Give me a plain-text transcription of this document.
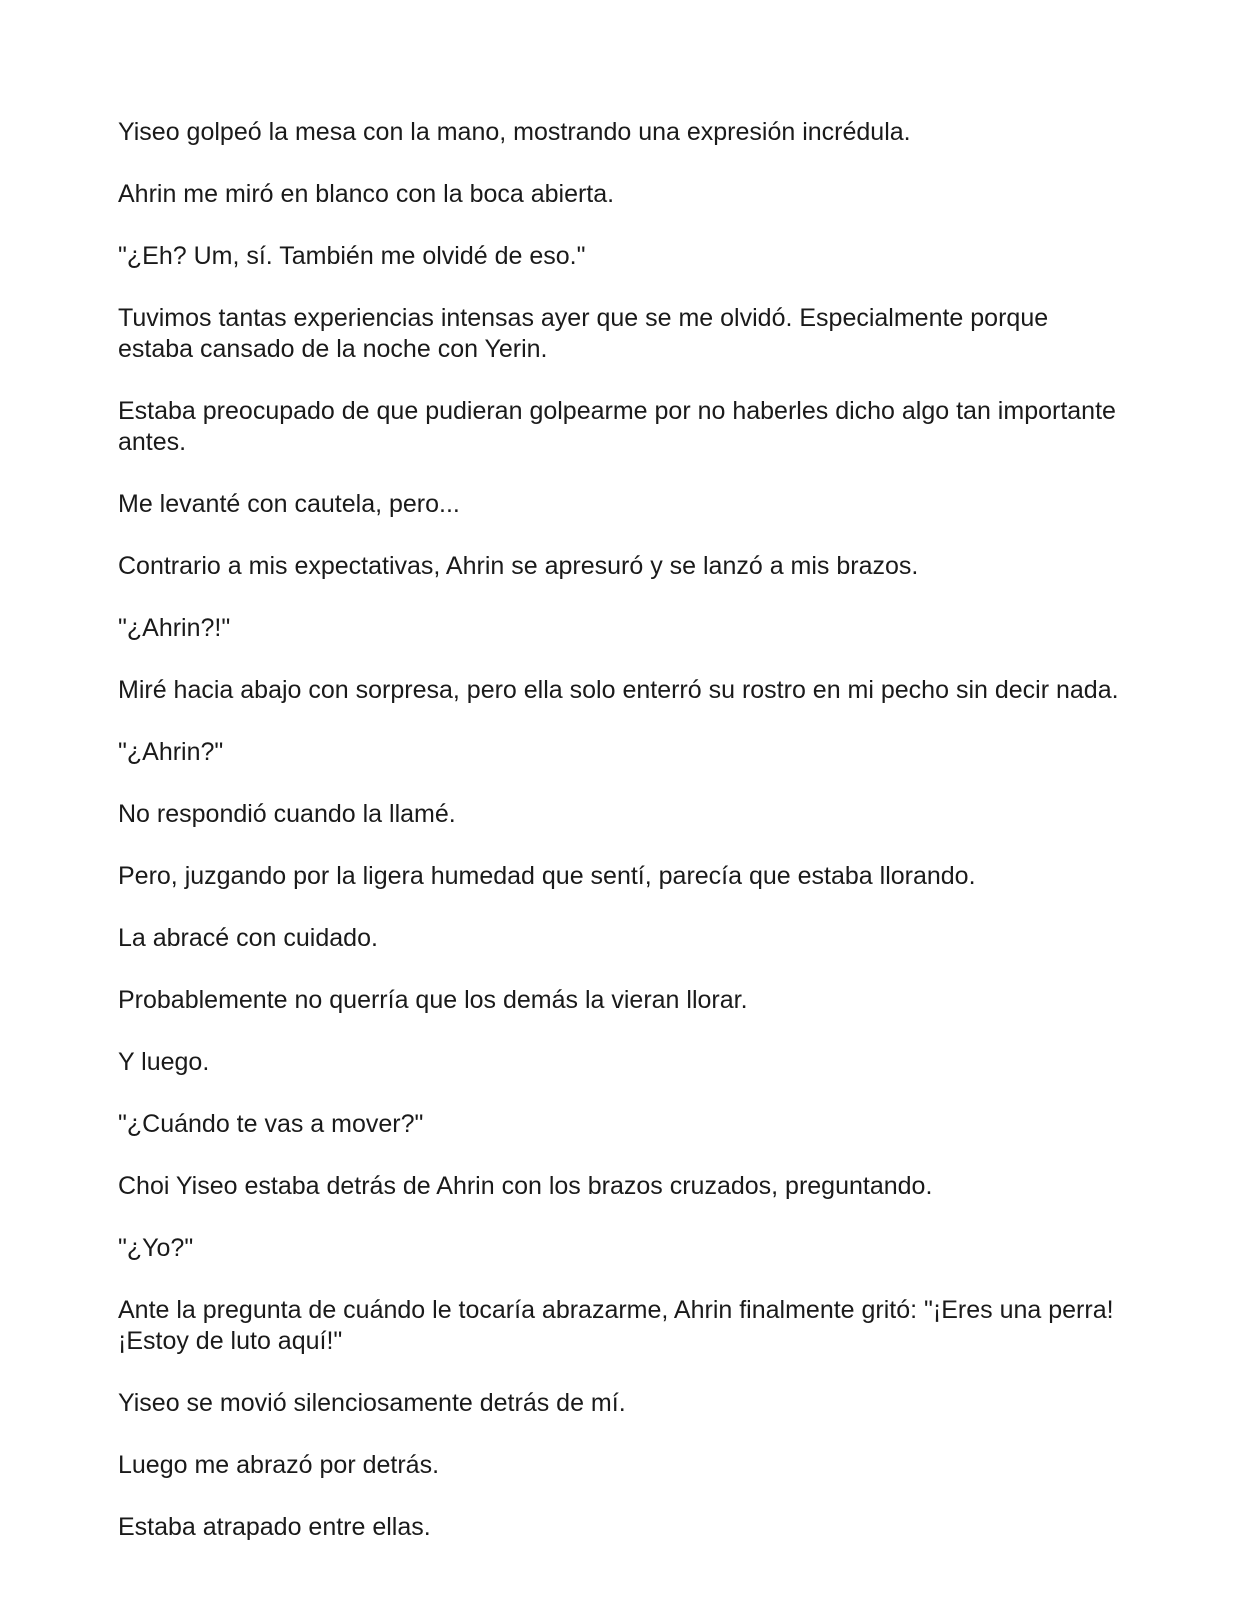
Yiseo golpeó la mesa con la mano, mostrando una expresión incrédula.

Ahrin me miró en blanco con la boca abierta.

"¿Eh? Um, sí. También me olvidé de eso."

Tuvimos tantas experiencias intensas ayer que se me olvidó. Especialmente porque estaba cansado de la noche con Yerin.

Estaba preocupado de que pudieran golpearme por no haberles dicho algo tan importante antes.

Me levanté con cautela, pero...

Contrario a mis expectativas, Ahrin se apresuró y se lanzó a mis brazos.

"¿Ahrin?!"

Miré hacia abajo con sorpresa, pero ella solo enterró su rostro en mi pecho sin decir nada.

"¿Ahrin?"

No respondió cuando la llamé.

Pero, juzgando por la ligera humedad que sentí, parecía que estaba llorando.

La abracé con cuidado.

Probablemente no querría que los demás la vieran llorar.

Y luego.

"¿Cuándo te vas a mover?"

Choi Yiseo estaba detrás de Ahrin con los brazos cruzados, preguntando.

"¿Yo?"

Ante la pregunta de cuándo le tocaría abrazarme, Ahrin finalmente gritó: "¡Eres una perra! ¡Estoy de luto aquí!"

Yiseo se movió silenciosamente detrás de mí.

Luego me abrazó por detrás.

Estaba atrapado entre ellas.
